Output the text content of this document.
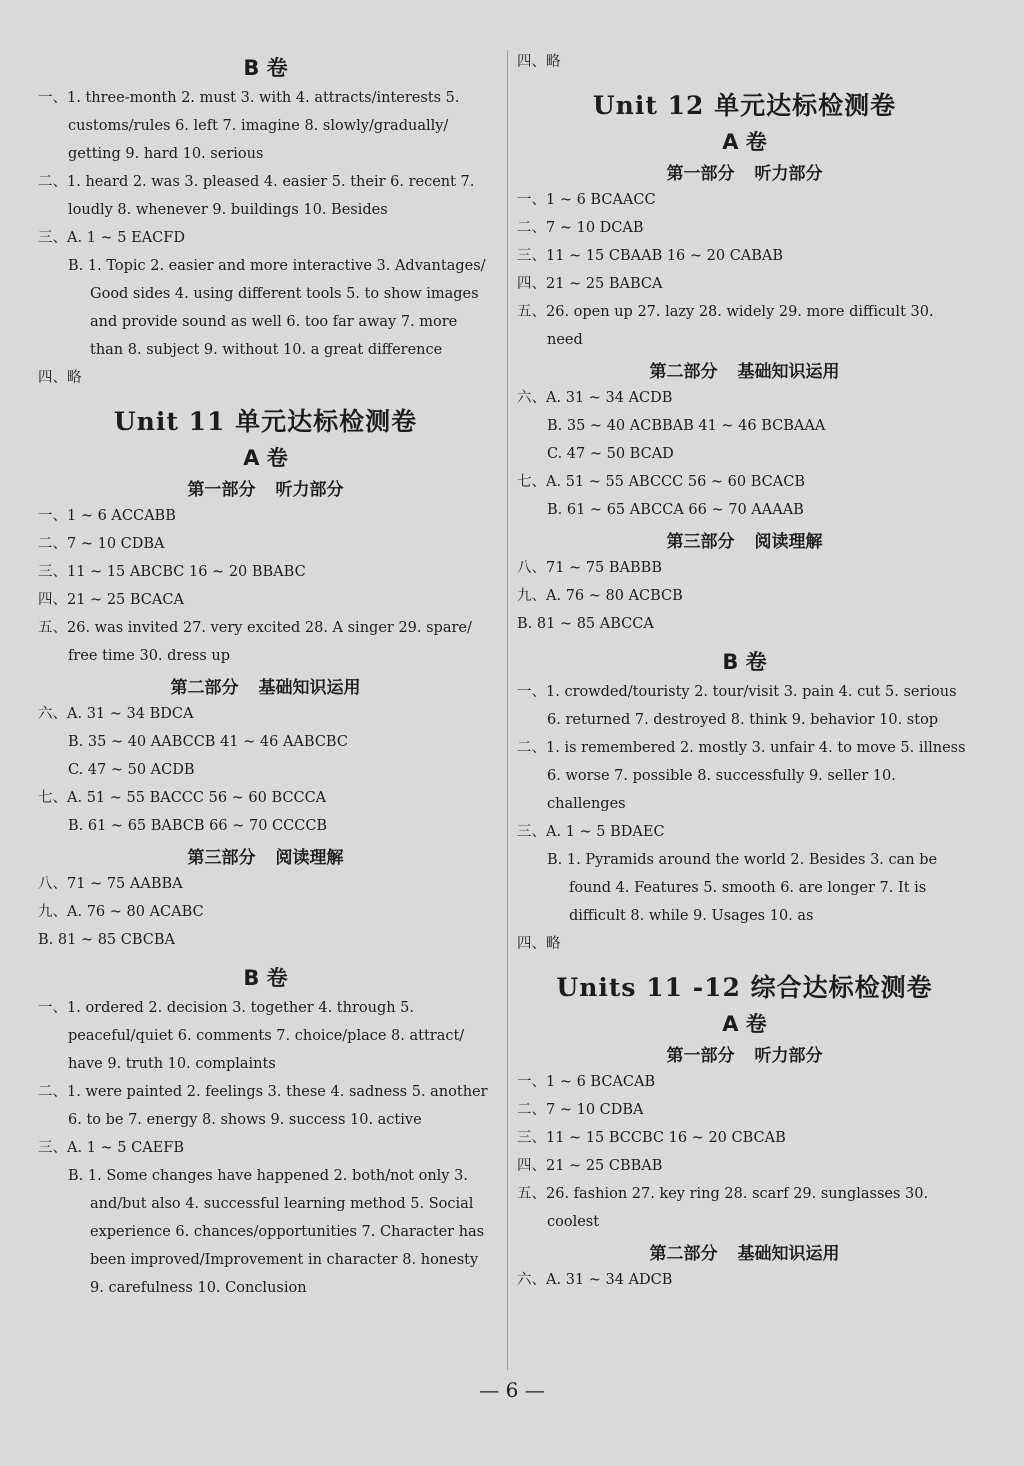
B 卷
一、1. three-month 2. must 3. with 4. attracts/interests 5. customs/rules 6. left 7. imagine 8. slowly/gradually/ getting 9. hard 10. serious
二、1. heard 2. was 3. pleased 4. easier 5. their 6. recent 7. loudly 8. whenever 9. buildings 10. Besides
三、A. 1 ~ 5 EACFD
B. 1. Topic 2. easier and more interactive 3. Advantages/ Good sides 4. using different tools 5. to show images and provide sound as well 6. too far away 7. more than 8. subject 9. without 10. a great difference
四、略
Unit 11 单元达标检测卷
A 卷
第一部分 听力部分
一、1 ~ 6 ACCABB
二、7 ~ 10 CDBA
三、11 ~ 15 ABCBC 16 ~ 20 BBABC
四、21 ~ 25 BCACA
五、26. was invited 27. very excited 28. A singer 29. spare/ free time 30. dress up
第二部分 基础知识运用
六、A. 31 ~ 34 BDCA
B. 35 ~ 40 AABCCB 41 ~ 46 AABCBC
C. 47 ~ 50 ACDB
七、A. 51 ~ 55 BACCC 56 ~ 60 BCCCA
B. 61 ~ 65 BABCB 66 ~ 70 CCCCB
第三部分 阅读理解
八、71 ~ 75 AABBA
九、A. 76 ~ 80 ACABC
B. 81 ~ 85 CBCBA
B 卷
一、1. ordered 2. decision 3. together 4. through 5. peaceful/quiet 6. comments 7. choice/place 8. attract/ have 9. truth 10. complaints
二、1. were painted 2. feelings 3. these 4. sadness 5. another 6. to be 7. energy 8. shows 9. success 10. active
三、A. 1 ~ 5 CAEFB
B. 1. Some changes have happened 2. both/not only 3. and/but also 4. successful learning method 5. Social experience 6. chances/opportunities 7. Character has been improved/Improvement in character 8. honesty 9. carefulness 10. Conclusion
四、略
Unit 12 单元达标检测卷
A 卷
第一部分 听力部分
一、1 ~ 6 BCAACC
二、7 ~ 10 DCAB
三、11 ~ 15 CBAAB 16 ~ 20 CABAB
四、21 ~ 25 BABCA
五、26. open up 27. lazy 28. widely 29. more difficult 30. need
第二部分 基础知识运用
六、A. 31 ~ 34 ACDB
B. 35 ~ 40 ACBBAB 41 ~ 46 BCBAAA
C. 47 ~ 50 BCAD
七、A. 51 ~ 55 ABCCC 56 ~ 60 BCACB
B. 61 ~ 65 ABCCA 66 ~ 70 AAAAB
第三部分 阅读理解
八、71 ~ 75 BABBB
九、A. 76 ~ 80 ACBCB
B. 81 ~ 85 ABCCA
B 卷
一、1. crowded/touristy 2. tour/visit 3. pain 4. cut 5. serious 6. returned 7. destroyed 8. think 9. behavior 10. stop
二、1. is remembered 2. mostly 3. unfair 4. to move 5. illness 6. worse 7. possible 8. successfully 9. seller 10. challenges
三、A. 1 ~ 5 BDAEC
B. 1. Pyramids around the world 2. Besides 3. can be found 4. Features 5. smooth 6. are longer 7. It is difficult 8. while 9. Usages 10. as
四、略
Units 11 -12 综合达标检测卷
A 卷
第一部分 听力部分
一、1 ~ 6 BCACAB
二、7 ~ 10 CDBA
三、11 ~ 15 BCCBC 16 ~ 20 CBCAB
四、21 ~ 25 CBBAB
五、26. fashion 27. key ring 28. scarf 29. sunglasses 30. coolest
第二部分 基础知识运用
六、A. 31 ~ 34 ADCB
— 6 —
